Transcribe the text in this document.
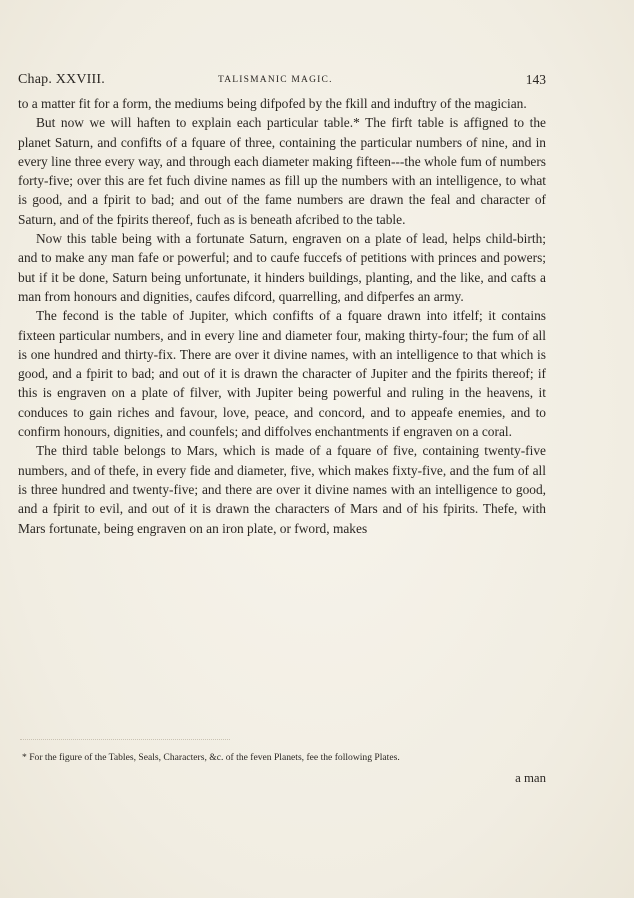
Chap. XXVIII.	TALISMANIC MAGIC.	143

to a matter fit for a form, the mediums being difpofed by the fkill and induftry of the magician.

But now we will haften to explain each particular table.* The firft table is affigned to the planet Saturn, and confifts of a fquare of three, containing the particular numbers of nine, and in every line three every way, and through each diameter making fifteen---the whole fum of numbers forty-five; over this are fet fuch divine names as fill up the numbers with an intelligence, to what is good, and a fpirit to bad; and out of the fame numbers are drawn the feal and character of Saturn, and of the fpirits thereof, fuch as is beneath afcribed to the table.

Now this table being with a fortunate Saturn, engraven on a plate of lead, helps child-birth; and to make any man fafe or powerful; and to caufe fuccefs of petitions with princes and powers; but if it be done, Saturn being unfortunate, it hinders buildings, planting, and the like, and cafts a man from honours and dignities, caufes difcord, quarrelling, and difperfes an army.

The fecond is the table of Jupiter, which confifts of a fquare drawn into itfelf; it contains fixteen particular numbers, and in every line and diameter four, making thirty-four; the fum of all is one hundred and thirty-fix. There are over it divine names, with an intelligence to that which is good, and a fpirit to bad; and out of it is drawn the character of Jupiter and the fpirits thereof; if this is engraven on a plate of filver, with Jupiter being powerful and ruling in the heavens, it conduces to gain riches and favour, love, peace, and concord, and to appeafe enemies, and to confirm honours, dignities, and counfels; and diffolves enchantments if engraven on a coral.

The third table belongs to Mars, which is made of a fquare of five, containing twenty-five numbers, and of thefe, in every fide and diameter, five, which makes fixty-five, and the fum of all is three hundred and twenty-five; and there are over it divine names with an intelligence to good, and a fpirit to evil, and out of it is drawn the characters of Mars and of his fpirits. Thefe, with Mars fortunate, being engraven on an iron plate, or fword, makes

* For the figure of the Tables, Seals, Characters, &c. of the feven Planets, fee the following Plates.
a man
